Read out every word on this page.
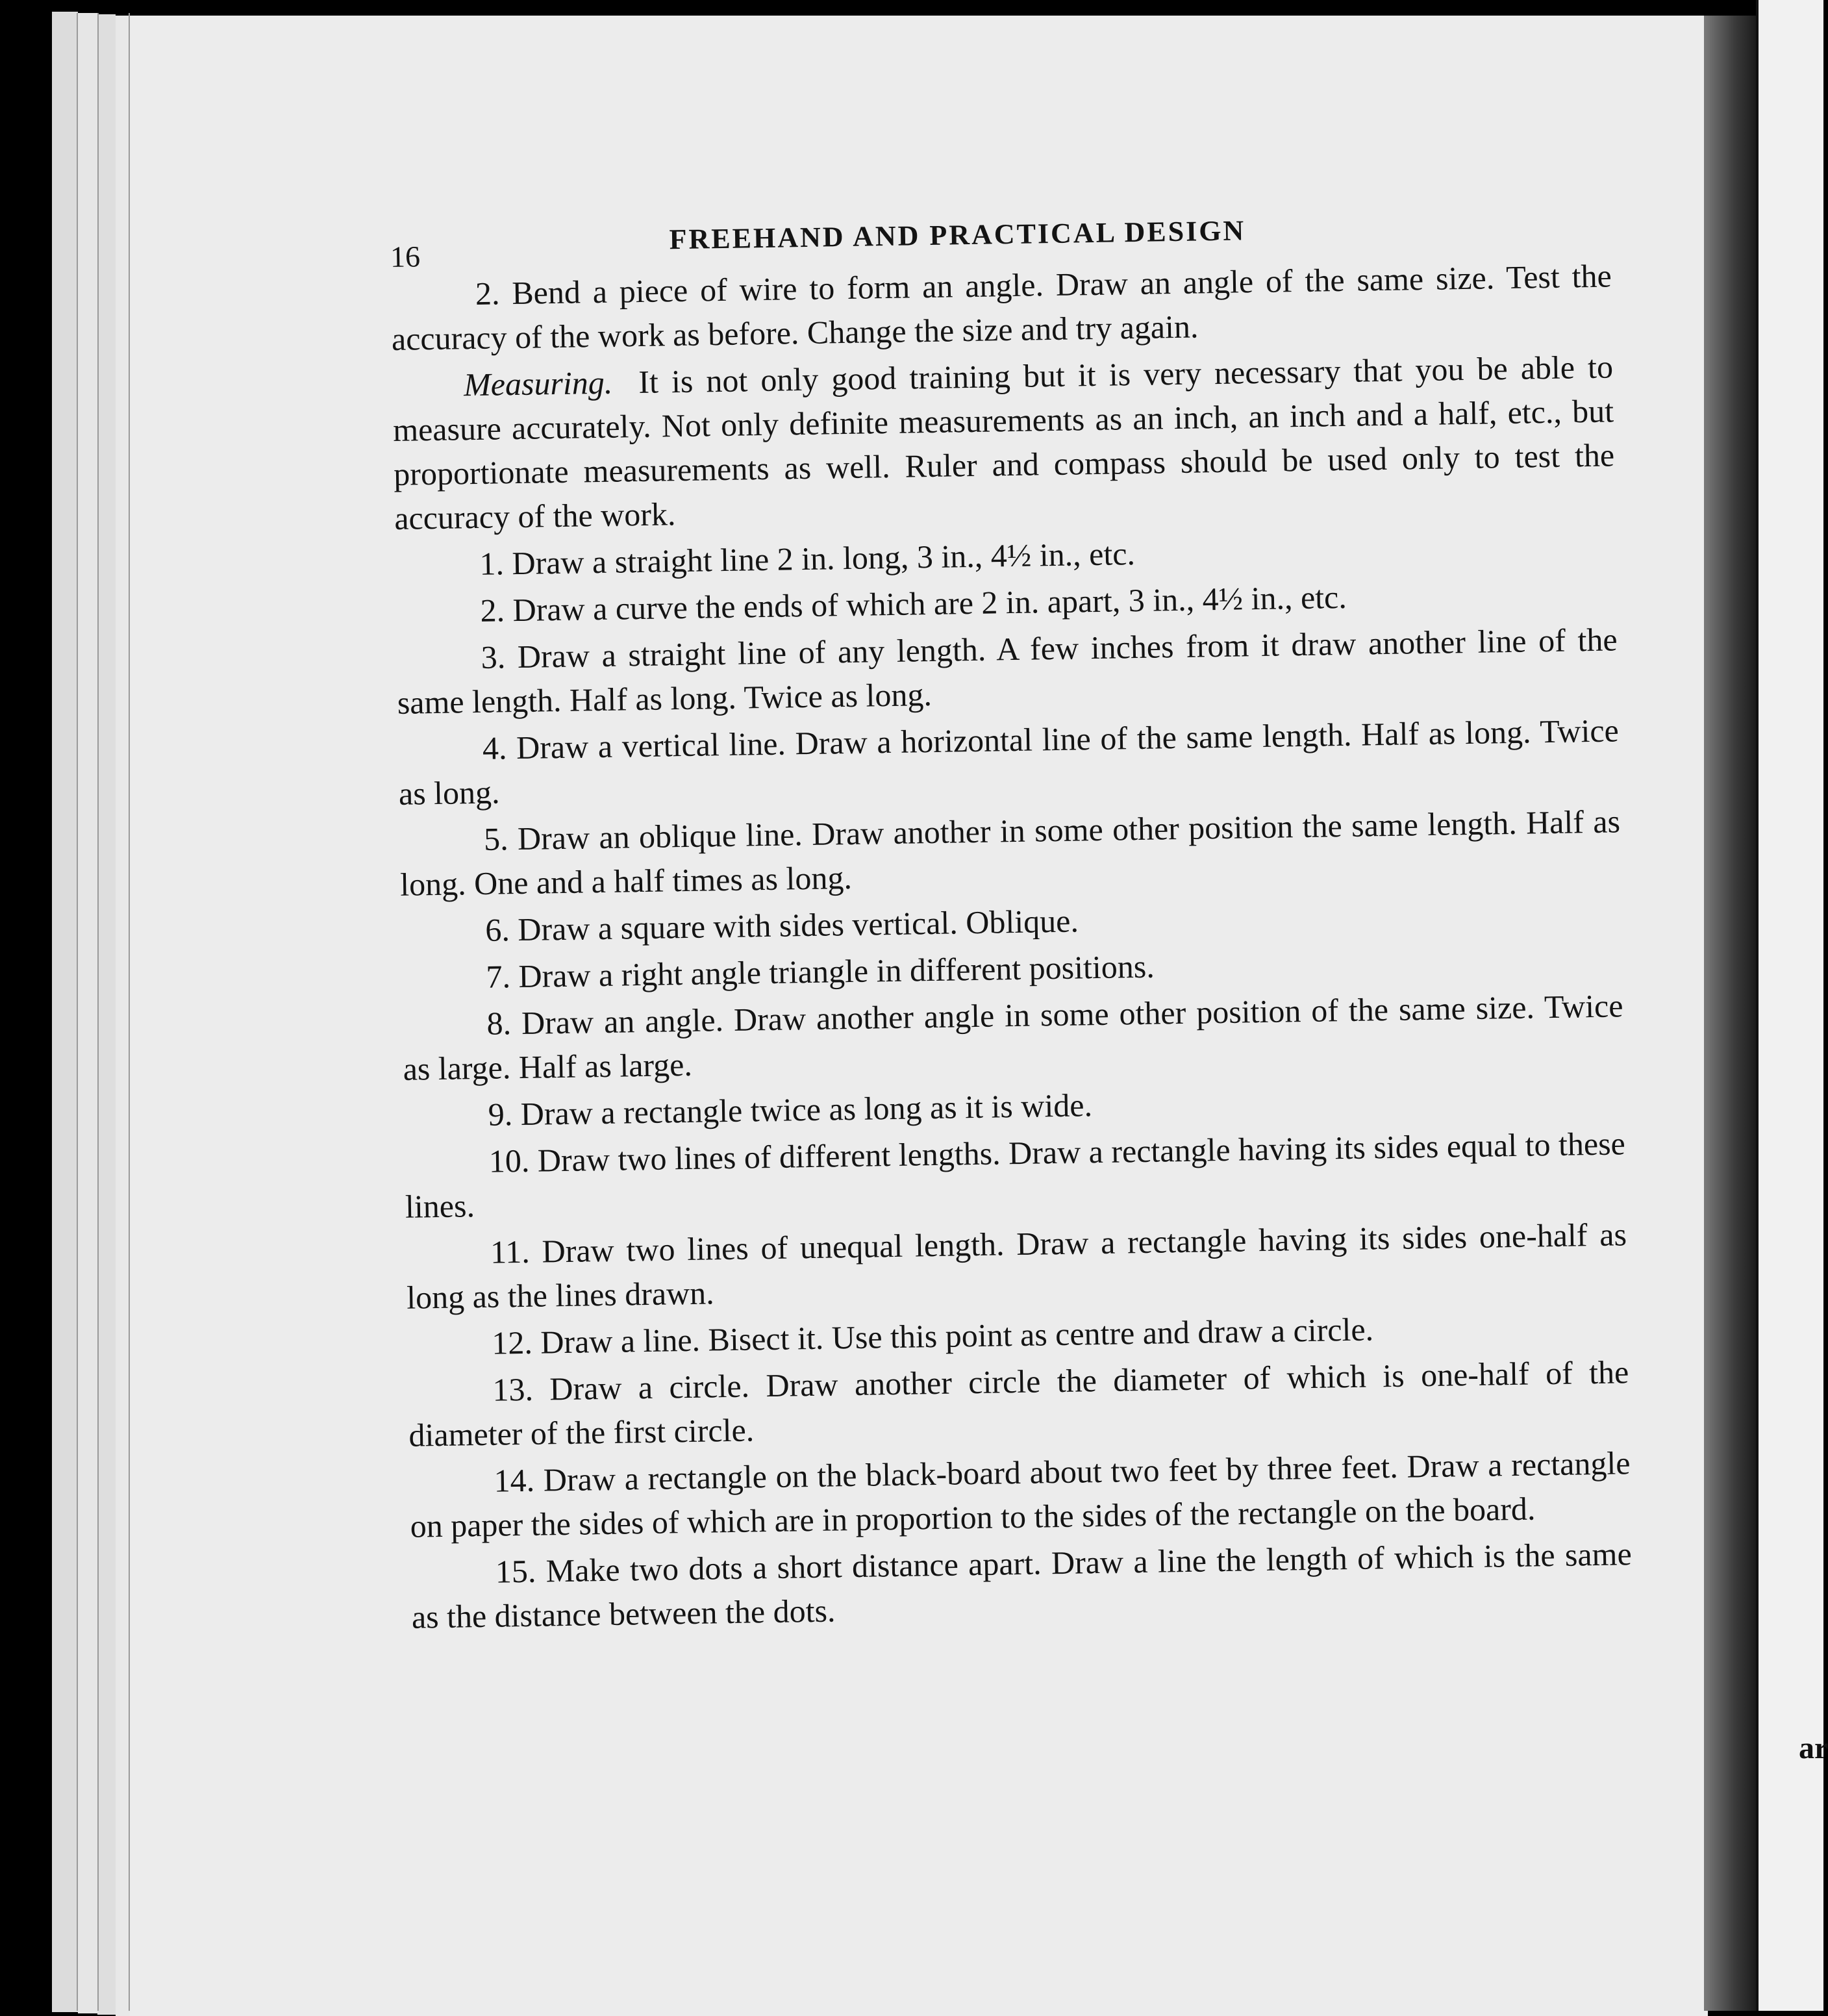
ar
16
FREEHAND AND PRACTICAL DESIGN

2. Bend a piece of wire to form an angle. Draw an angle of the same size. Test the accuracy of the work as before. Change the size and try again.

Measuring. It is not only good training but it is very necessary that you be able to measure accurately. Not only definite measurements as an inch, an inch and a half, etc., but proportionate measurements as well. Ruler and compass should be used only to test the accuracy of the work.

1. Draw a straight line 2 in. long, 3 in., 4½ in., etc.

2. Draw a curve the ends of which are 2 in. apart, 3 in., 4½ in., etc.

3. Draw a straight line of any length. A few inches from it draw another line of the same length. Half as long. Twice as long.

4. Draw a vertical line. Draw a horizontal line of the same length. Half as long. Twice as long.

5. Draw an oblique line. Draw another in some other position the same length. Half as long. One and a half times as long.

6. Draw a square with sides vertical. Oblique.

7. Draw a right angle triangle in different positions.

8. Draw an angle. Draw another angle in some other position of the same size. Twice as large. Half as large.

9. Draw a rectangle twice as long as it is wide.

10. Draw two lines of different lengths. Draw a rectangle having its sides equal to these lines.

11. Draw two lines of unequal length. Draw a rectangle having its sides one-half as long as the lines drawn.

12. Draw a line. Bisect it. Use this point as centre and draw a circle.

13. Draw a circle. Draw another circle the diameter of which is one-half of the diameter of the first circle.

14. Draw a rectangle on the black-board about two feet by three feet. Draw a rectangle on paper the sides of which are in proportion to the sides of the rectangle on the board.

15. Make two dots a short distance apart. Draw a line the length of which is the same as the distance between the dots.
